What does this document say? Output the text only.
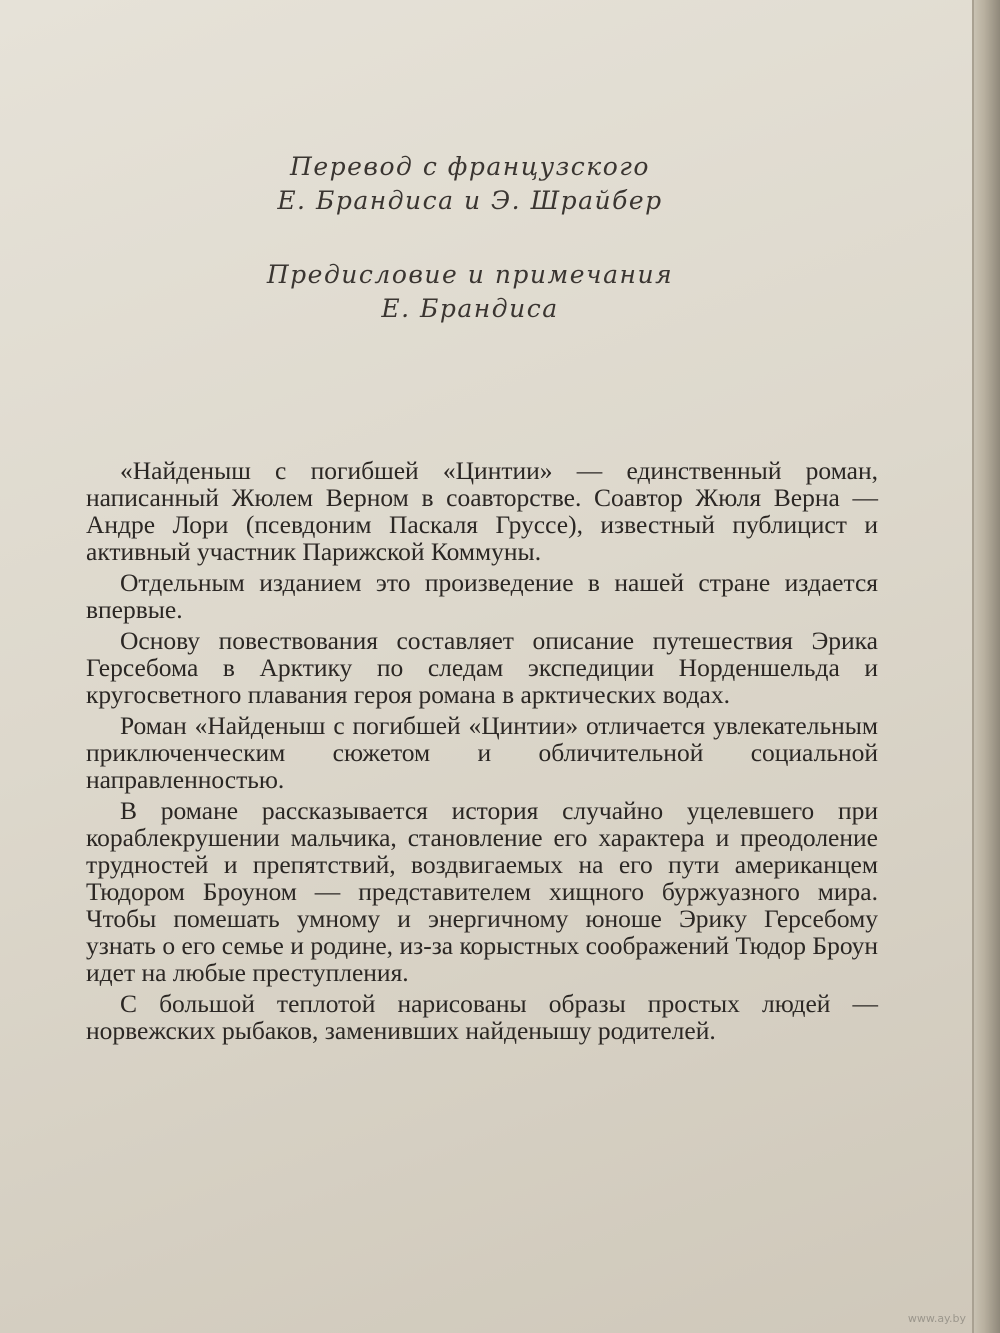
Перевод с французского
Е. Брандиса и Э. Шрайбер
Предисловие и примечания
Е. Брандиса

«Найденыш с погибшей «Цинтии» — единственный роман, написанный Жюлем Верном в соавторстве. Соавтор Жюля Верна — Андре Лори (псевдоним Паскаля Груссе), известный публицист и активный участник Парижской Коммуны.

Отдельным изданием это произведение в нашей стране издается впервые.

Основу повествования составляет описание путешествия Эрика Герсебома в Арктику по следам экспедиции Норденшельда и кругосветного плавания героя романа в арктических водах.

Роман «Найденыш с погибшей «Цинтии» отличается увлекательным приключенческим сюжетом и обличительной социальной направленностью.

В романе рассказывается история случайно уцелевшего при кораблекрушении мальчика, становление его характера и преодоление трудностей и препятствий, воздвигаемых на его пути американцем Тюдором Броуном — представителем хищного буржуазного мира. Чтобы помешать умному и энергичному юноше Эрику Герсебому узнать о его семье и родине, из-за корыстных соображений Тюдор Броун идет на любые преступления.

С большой теплотой нарисованы образы простых людей — норвежских рыбаков, заменивших найденышу родителей.

www.ay.by
